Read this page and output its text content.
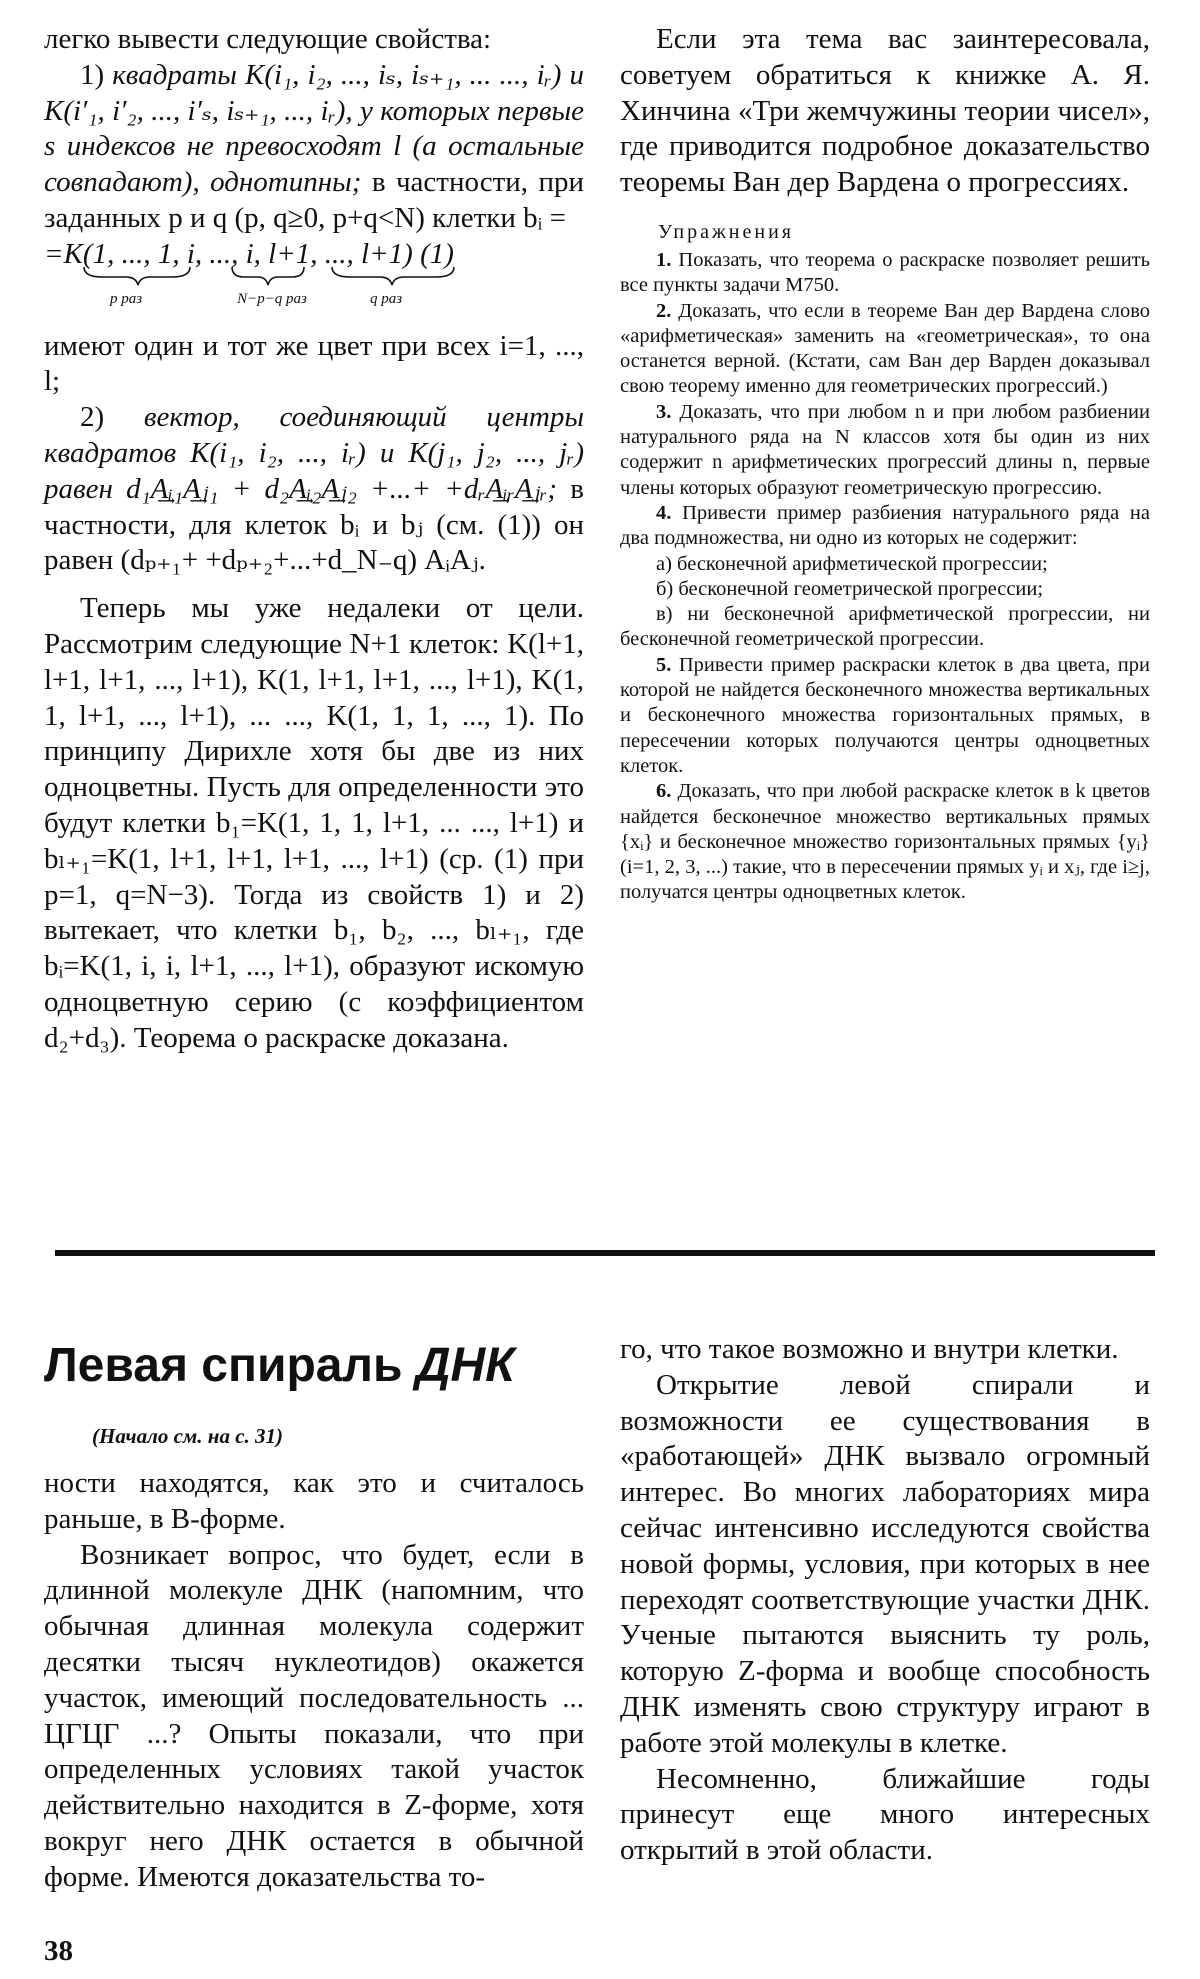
легко вывести следующие свойства:

1) квадраты K(i₁, i₂, ..., iₛ, iₛ₊₁, ... ..., iᵣ) и K(i′₁, i′₂, ..., i′ₛ, iₛ₊₁, ..., iᵣ), у которых первые s индексов не превосходят l (а остальные совпадают), однотипны; в частности, при заданных p и q (p, q≥0, p+q<N) клетки bᵢ =

=K(1, ..., 1, i, ..., i, l+1, ..., l+1) (1)

p раз	N−p−q раз	q раз

имеют один и тот же цвет при всех i=1, ..., l;

2) вектор, соединяющий центры квадратов K(i₁, i₂, ..., iᵣ) и K(j₁, j₂, ..., jᵣ) равен d₁A͢ᵢ₁A͢ⱼ₁ + d₂A͢ᵢ₂A͢ⱼ₂ +...+ +dᵣA͢ᵢᵣA͢ⱼᵣ; в частности, для клеток bᵢ и bⱼ (см. (1)) он равен (dₚ₊₁+ +dₚ₊₂+...+d_N₋q) AᵢAⱼ.

Теперь мы уже недалеки от цели. Рассмотрим следующие N+1 клеток: K(l+1, l+1, l+1, ..., l+1), K(1, l+1, l+1, ..., l+1), K(1, 1, l+1, ..., l+1), ... ..., K(1, 1, 1, ..., 1). По принципу Дирихле хотя бы две из них одноцветны. Пусть для определенности это будут клетки b₁=K(1, 1, 1, l+1, ... ..., l+1) и bₗ₊₁=K(1, l+1, l+1, l+1, ..., l+1) (ср. (1) при p=1, q=N−3). Тогда из свойств 1) и 2) вытекает, что клетки b₁, b₂, ..., bₗ₊₁, где bᵢ=K(1, i, i, l+1, ..., l+1), образуют искомую одноцветную серию (с коэффициентом d₂+d₃). Теорема о раскраске доказана.

Если эта тема вас заинтересовала, советуем обратиться к книжке А. Я. Хинчина «Три жемчужины теории чисел», где приводится подробное доказательство теоремы Ван дер Вардена о прогрессиях.

Упражнения

1. Показать, что теорема о раскраске позволяет решить все пункты задачи М750.

2. Доказать, что если в теореме Ван дер Вардена слово «арифметическая» заменить на «геометрическая», то она останется верной. (Кстати, сам Ван дер Варден доказывал свою теорему именно для геометрических прогрессий.)

3. Доказать, что при любом n и при любом разбиении натурального ряда на N классов хотя бы один из них содержит n арифметических прогрессий длины n, первые члены которых образуют геометрическую прогрессию.

4. Привести пример разбиения натурального ряда на два подмножества, ни одно из которых не содержит:

а) бесконечной арифметической прогрессии;

б) бесконечной геометрической прогрессии;

в) ни бесконечной арифметической прогрессии, ни бесконечной геометрической прогрессии.

5. Привести пример раскраски клеток в два цвета, при которой не найдется бесконечного множества вертикальных и бесконечного множества горизонтальных прямых, в пересечении которых получаются центры одноцветных клеток.

6. Доказать, что при любой раскраске клеток в k цветов найдется бесконечное множество вертикальных прямых {xᵢ} и бесконечное множество горизонтальных прямых {yᵢ} (i=1, 2, 3, ...) такие, что в пересечении прямых yᵢ и xⱼ, где i≥j, получатся центры одноцветных клеток.

Левая спираль ДНК
(Начало см. на с. 31)

ности находятся, как это и считалось раньше, в B-форме.

Возникает вопрос, что будет, если в длинной молекуле ДНК (напомним, что обычная длинная молекула содержит десятки тысяч нуклеотидов) окажется участок, имеющий последовательность ... ЦГЦГ ...? Опыты показали, что при определенных условиях такой участок действительно находится в Z-форме, хотя вокруг него ДНК остается в обычной форме. Имеются доказательства то-

го, что такое возможно и внутри клетки.

Открытие левой спирали и возможности ее существования в «работающей» ДНК вызвало огромный интерес. Во многих лабораториях мира сейчас интенсивно исследуются свойства новой формы, условия, при которых в нее переходят соответствующие участки ДНК. Ученые пытаются выяснить ту роль, которую Z-форма и вообще способность ДНК изменять свою структуру играют в работе этой молекулы в клетке.

Несомненно, ближайшие годы принесут еще много интересных открытий в этой области.

38
